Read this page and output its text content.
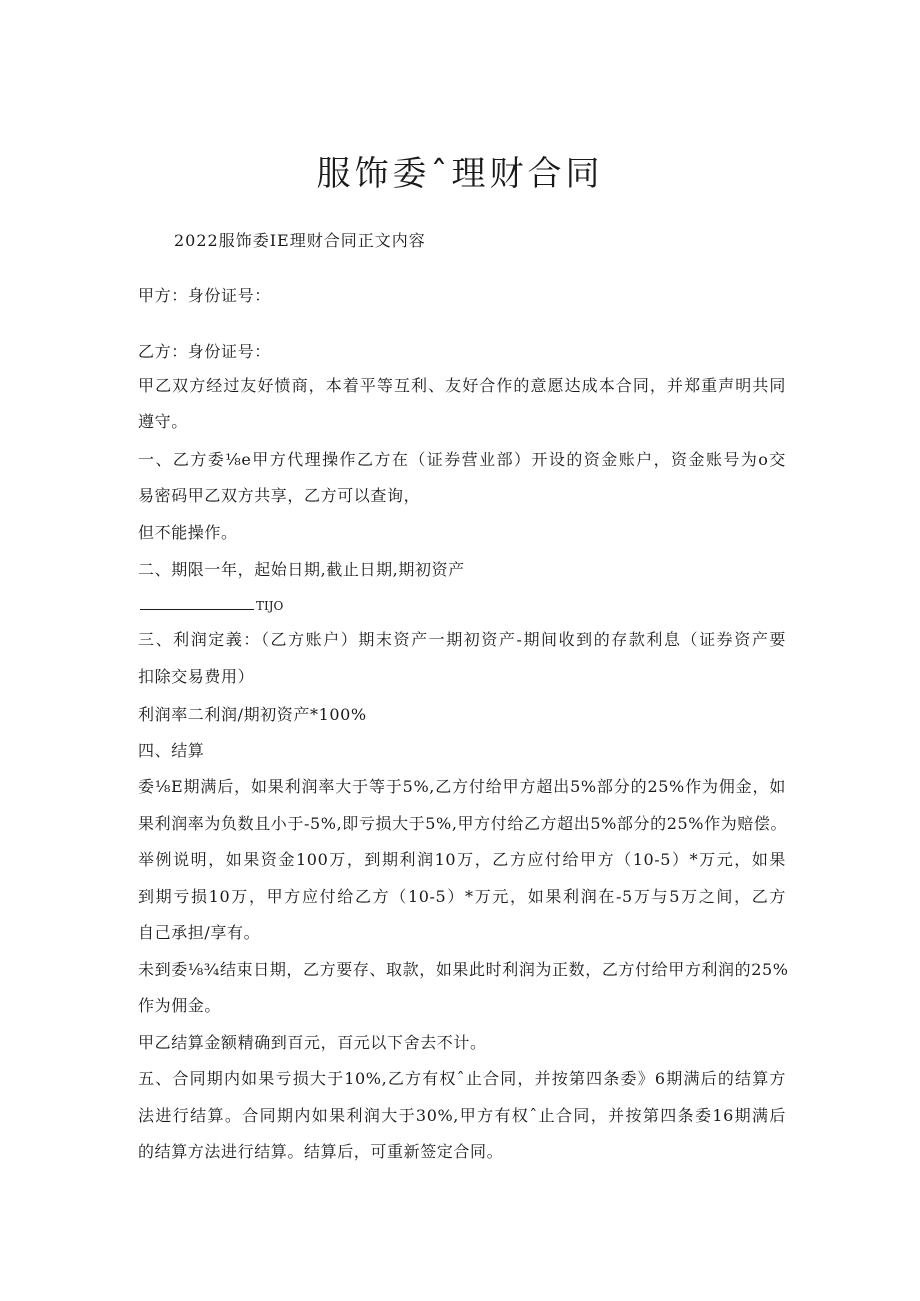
服饰委ˆ理财合同
2022服饰委IE理财合同正文内容
甲方：身份证号：
乙方：身份证号：
甲乙双方经过友好愤商，本着平等互利、友好合作的意愿达成本合同，并郑重声明共同
遵守。
一、乙方委⅛e甲方代理操作乙方在（证券营业部）开设的资金账户，资金账号为o交
易密码甲乙双方共享，乙方可以查询，
但不能操作。
二、期限一年，起始日期,截止日期,期初资产
TIJO
三、利润定義：（乙方账户）期末资产一期初资产-期间收到的存款利息（证券资产要
扣除交易费用）
利润率二利润/期初资产*100%
四、结算
委⅛E期满后，如果利润率大于等于5%,乙方付给甲方超出5%部分的25%作为佣金，如
果利润率为负数且小于-5%,即亏损大于5%,甲方付给乙方超出5%部分的25%作为赔偿。
举例说明，如果资金100万，到期利润10万，乙方应付给甲方（10-5）*万元，如果
到期亏损10万，甲方应付给乙方（10-5）*万元，如果利润在-5万与5万之间，乙方
自己承担/享有。
未到委⅛¾结束日期，乙方要存、取款，如果此时利润为正数，乙方付给甲方利润的25%
作为佣金。
甲乙结算金额精确到百元，百元以下舍去不计。
五、合同期内如果亏损大于10%,乙方有权ˆ止合同，并按第四条委》6期满后的结算方
法进行结算。合同期内如果利润大于30%,甲方有权ˆ止合同，并按第四条委16期满后
的结算方法进行结算。结算后，可重新签定合同。
